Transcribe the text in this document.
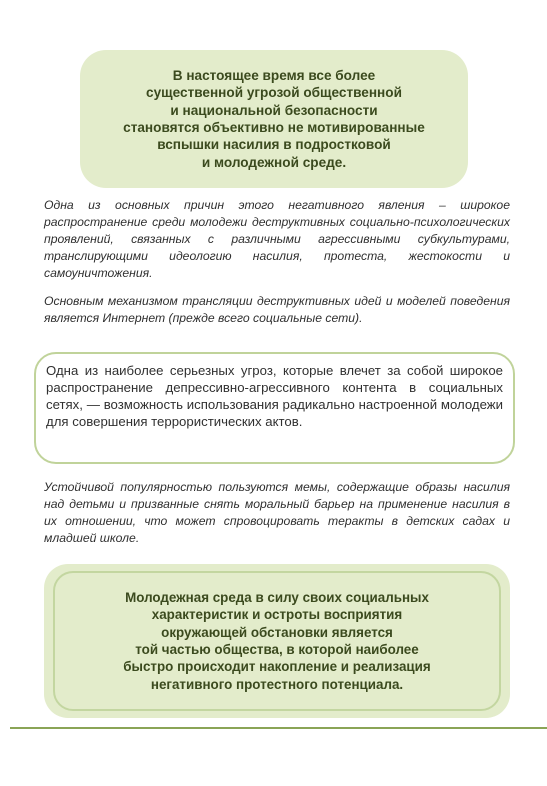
В настоящее время все более
существенной угрозой общественной
и национальной безопасности
становятся объективно не мотивированные
вспышки насилия в подростковой
и молодежной среде.
Одна из основных причин этого негативного явления – широкое распространение среди молодежи деструктивных социально-психологических проявлений, связанных с различными агрессивными субкультурами, транслирующими идеологию насилия, протеста, жестокости и самоуничтожения.
Основным механизмом трансляции деструктивных идей и моделей поведения является Интернет (прежде всего социальные сети).
Одна из наиболее серьезных угроз, которые влечет за собой широкое распространение депрессивно-агрессивного контента в социальных сетях, — возможность использования радикально настроенной молодежи для совершения террористических актов.
Устойчивой популярностью пользуются мемы, содержащие образы насилия над детьми и призванные снять моральный барьер на применение насилия в их отношении, что может спровоцировать теракты в детских садах и младшей школе.
Молодежная среда в силу своих социальных
характеристик и остроты восприятия
окружающей обстановки является
той частью общества, в которой наиболее
быстро происходит накопление и реализация
негативного протестного потенциала.
